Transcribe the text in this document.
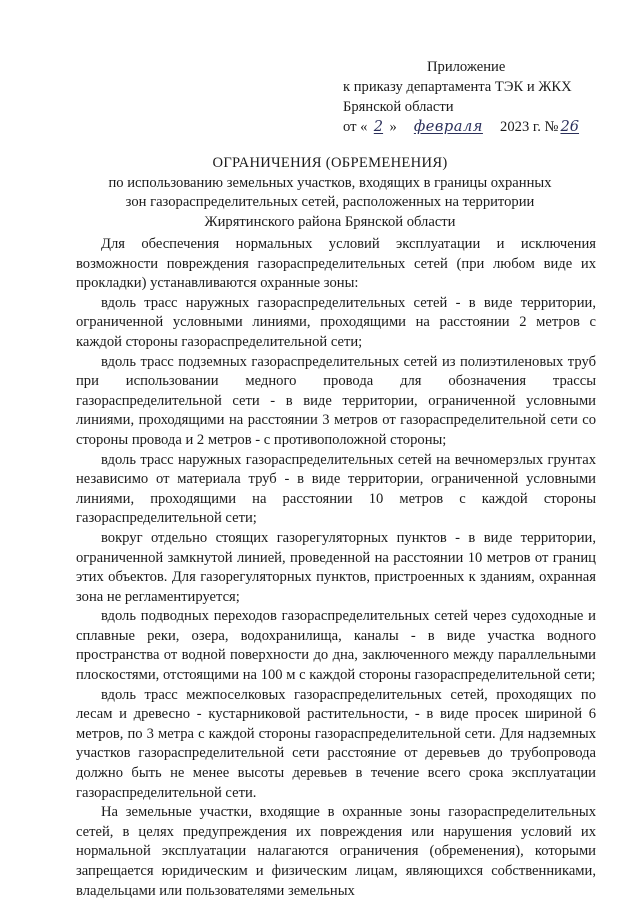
Приложение
к приказу департамента ТЭК и ЖКХ
Брянской области
от « 2 » февраля 2023 г. № 26
ОГРАНИЧЕНИЯ (ОБРЕМЕНЕНИЯ)
по использованию земельных участков, входящих в границы охранных
зон газораспределительных сетей, расположенных на территории
Жирятинского района Брянской области

Для обеспечения нормальных условий эксплуатации и исключения возможности повреждения газораспределительных сетей (при любом виде их прокладки) устанавливаются охранные зоны:

вдоль трасс наружных газораспределительных сетей - в виде территории, ограниченной условными линиями, проходящими на расстоянии 2 метров с каждой стороны газораспределительной сети;

вдоль трасс подземных газораспределительных сетей из полиэтиленовых труб при использовании медного провода для обозначения трассы газораспределительной сети - в виде территории, ограниченной условными линиями, проходящими на расстоянии 3 метров от газораспределительной сети со стороны провода и 2 метров - с противоположной стороны;

вдоль трасс наружных газораспределительных сетей на вечномерзлых грунтах независимо от материала труб - в виде территории, ограниченной условными линиями, проходящими на расстоянии 10 метров с каждой стороны газораспределительной сети;

вокруг отдельно стоящих газорегуляторных пунктов - в виде территории, ограниченной замкнутой линией, проведенной на расстоянии 10 метров от границ этих объектов. Для газорегуляторных пунктов, пристроенных к зданиям, охранная зона не регламентируется;

вдоль подводных переходов газораспределительных сетей через судоходные и сплавные реки, озера, водохранилища, каналы - в виде участка водного пространства от водной поверхности до дна, заключенного между параллельными плоскостями, отстоящими на 100 м с каждой стороны газораспределительной сети;

вдоль трасс межпоселковых газораспределительных сетей, проходящих по лесам и древесно - кустарниковой растительности, - в виде просек шириной 6 метров, по 3 метра с каждой стороны газораспределительной сети. Для надземных участков газораспределительной сети расстояние от деревьев до трубопровода должно быть не менее высоты деревьев в течение всего срока эксплуатации газораспределительной сети.

На земельные участки, входящие в охранные зоны газораспределительных сетей, в целях предупреждения их повреждения или нарушения условий их нормальной эксплуатации налагаются ограничения (обременения), которыми запрещается юридическим и физическим лицам, являющихся собственниками, владельцами или пользователями земельных
